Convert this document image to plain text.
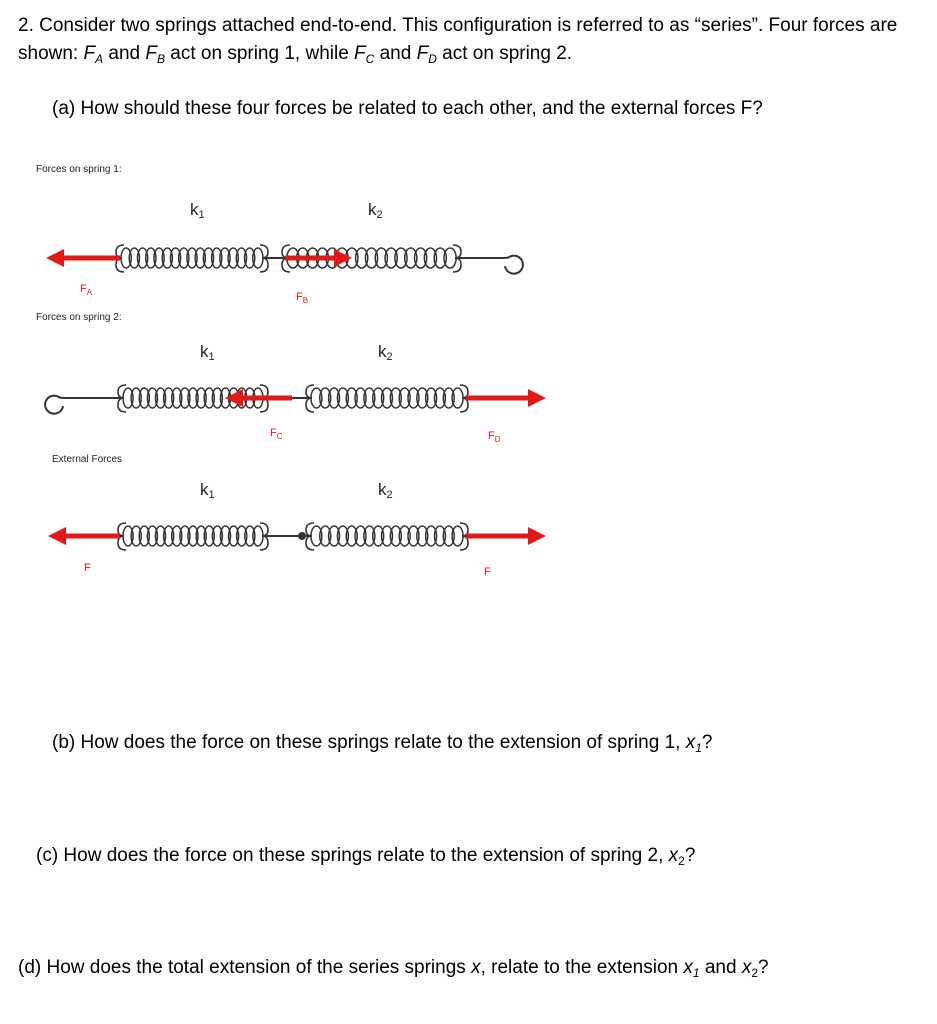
2. Consider two springs attached end-to-end. This configuration is referred to as “series”. Four forces are shown: $F_A$ and $F_B$ act on spring 1, while $F_C$ and $F_D$ act on spring 2.
(a) How should these four forces be related to each other, and the external forces F?
Forces on spring 1:
Forces on spring 2:
External Forces
k1	k2
k1	k2
k1	k2
$F_A$	$F_B$
$F_C$	$F_D$
F	F
(b) How does the force on these springs relate to the extension of spring 1, $x_1$?
(c) How does the force on these springs relate to the extension of spring 2, $x_2$?
(d) How does the total extension of the series springs x, relate to the extension $x_1$ and $x_2$?
